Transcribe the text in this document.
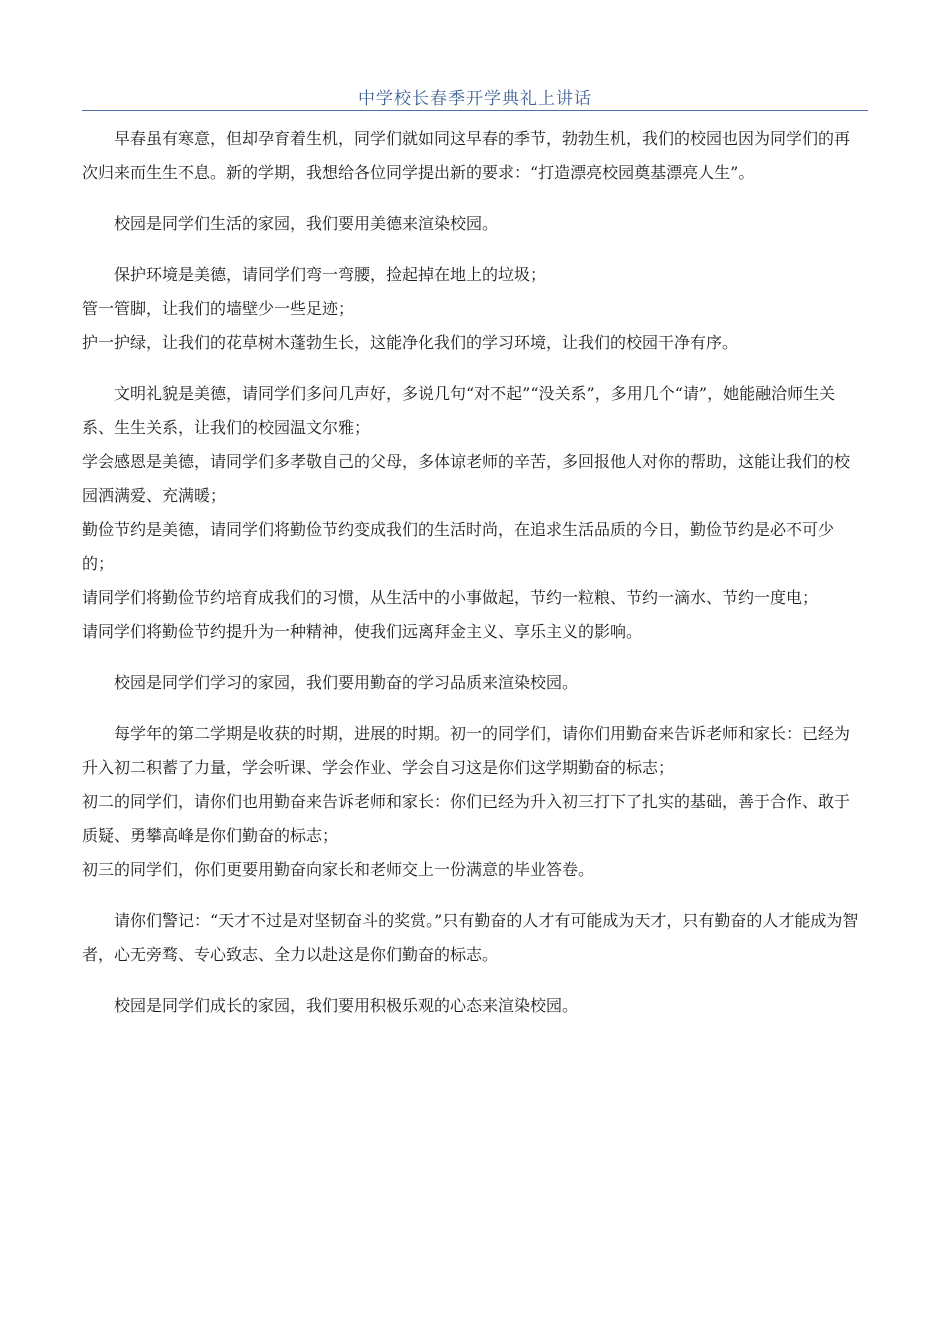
中学校长春季开学典礼上讲话

早春虽有寒意，但却孕育着生机，同学们就如同这早春的季节，勃勃生机，我们的校园也因为同学们的再次归来而生生不息。新的学期，我想给各位同学提出新的要求：“打造漂亮校园奠基漂亮人生”。

校园是同学们生活的家园，我们要用美德来渲染校园。

保护环境是美德，请同学们弯一弯腰，捡起掉在地上的垃圾；

管一管脚，让我们的墙壁少一些足迹；

护一护绿，让我们的花草树木蓬勃生长，这能净化我们的学习环境，让我们的校园干净有序。

文明礼貌是美德，请同学们多问几声好，多说几句“对不起”“没关系”，多用几个“请”，她能融洽师生关系、生生关系，让我们的校园温文尔雅；

学会感恩是美德，请同学们多孝敬自己的父母，多体谅老师的辛苦，多回报他人对你的帮助，这能让我们的校园洒满爱、充满暖；

勤俭节约是美德，请同学们将勤俭节约变成我们的生活时尚，在追求生活品质的今日，勤俭节约是必不可少的；

请同学们将勤俭节约培育成我们的习惯，从生活中的小事做起，节约一粒粮、节约一滴水、节约一度电；

请同学们将勤俭节约提升为一种精神，使我们远离拜金主义、享乐主义的影响。

校园是同学们学习的家园，我们要用勤奋的学习品质来渲染校园。

每学年的第二学期是收获的时期，进展的时期。初一的同学们，请你们用勤奋来告诉老师和家长：已经为升入初二积蓄了力量，学会听课、学会作业、学会自习这是你们这学期勤奋的标志；

初二的同学们，请你们也用勤奋来告诉老师和家长：你们已经为升入初三打下了扎实的基础，善于合作、敢于质疑、勇攀高峰是你们勤奋的标志；

初三的同学们，你们更要用勤奋向家长和老师交上一份满意的毕业答卷。

请你们警记：“天才不过是对坚韧奋斗的奖赏。”只有勤奋的人才有可能成为天才，只有勤奋的人才能成为智者，心无旁骛、专心致志、全力以赴这是你们勤奋的标志。

校园是同学们成长的家园，我们要用积极乐观的心态来渲染校园。
